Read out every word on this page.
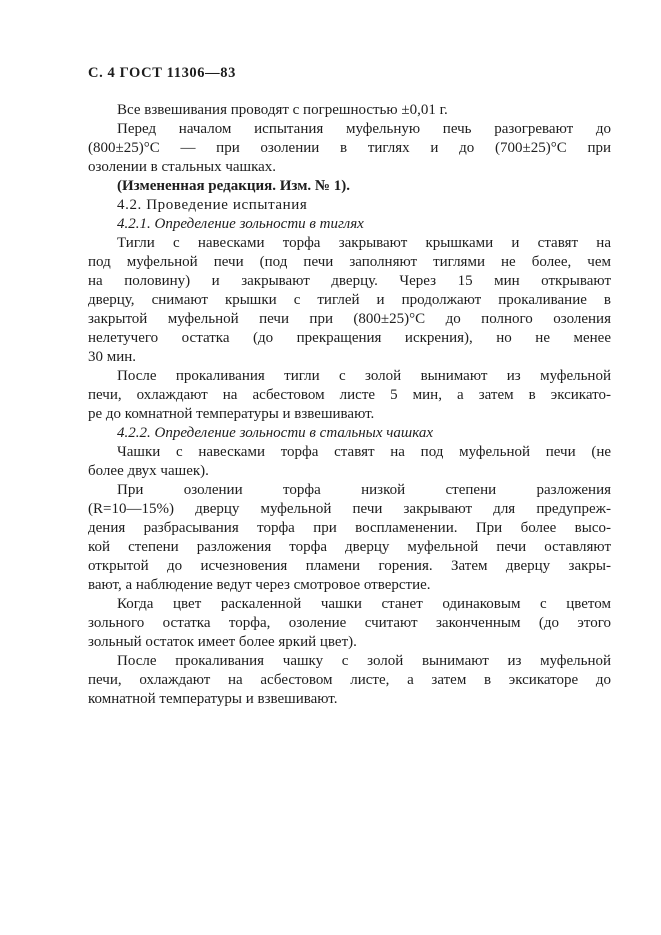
С. 4 ГОСТ 11306—83
Все взвешивания проводят с погрешностью ±0,01 г.
Перед началом испытания муфельную печь разогревают до
(800±25)°С — при озолении в тиглях и до (700±25)°С при
озолении в стальных чашках.
(Измененная редакция. Изм. № 1).
4.2. Проведение испытания
4.2.1. Определение зольности в тиглях
Тигли с навесками торфа закрывают крышками и ставят на
под муфельной печи (под печи заполняют тиглями не более, чем
на половину) и закрывают дверцу. Через 15 мин открывают
дверцу, снимают крышки с тиглей и продолжают прокаливание в
закрытой муфельной печи при (800±25)°С до полного озоления
нелетучего остатка (до прекращения искрения), но не менее
30 мин.
После прокаливания тигли с золой вынимают из муфельной
печи, охлаждают на асбестовом листе 5 мин, а затем в эксикато-
ре до комнатной температуры и взвешивают.
4.2.2. Определение зольности в стальных чашках
Чашки с навесками торфа ставят на под муфельной печи (не
более двух чашек).
При озолении торфа низкой степени разложения
(R=10—15%) дверцу муфельной печи закрывают для предупреж-
дения разбрасывания торфа при воспламенении. При более высо-
кой степени разложения торфа дверцу муфельной печи оставляют
открытой до исчезновения пламени горения. Затем дверцу закры-
вают, а наблюдение ведут через смотровое отверстие.
Когда цвет раскаленной чашки станет одинаковым с цветом
зольного остатка торфа, озоление считают законченным (до этого
зольный остаток имеет более яркий цвет).
После прокаливания чашку с золой вынимают из муфельной
печи, охлаждают на асбестовом листе, а затем в эксикаторе до
комнатной температуры и взвешивают.
